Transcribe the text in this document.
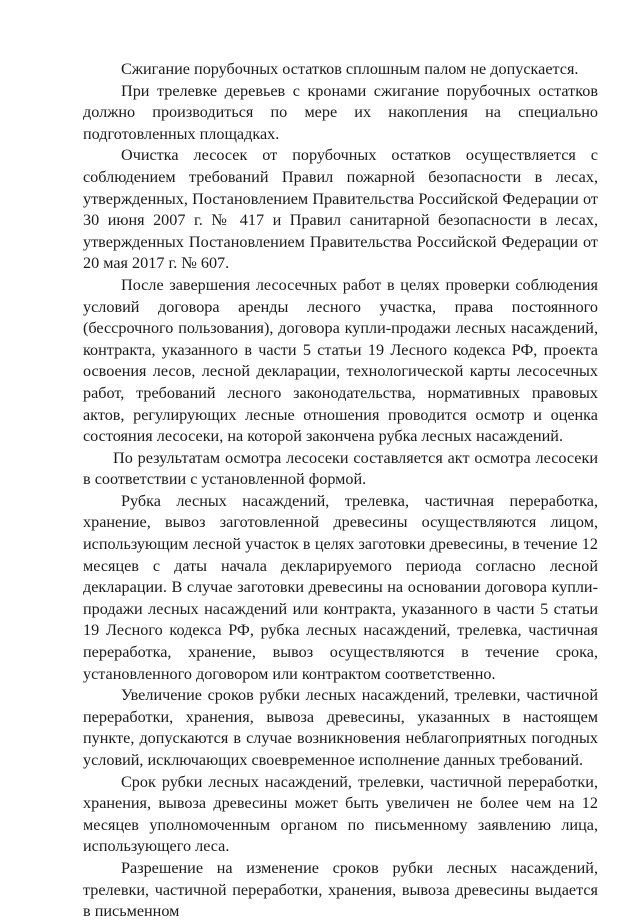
Сжигание порубочных остатков сплошным палом не допускается.

При трелевке деревьев с кронами сжигание порубочных остатков должно производиться по мере их накопления на специально подготовленных площадках.

Очистка лесосек от порубочных остатков осуществляется с соблюдением требований Правил пожарной безопасности в лесах, утвержденных, Постановлением Правительства Российской Федерации от 30 июня 2007 г. № 417 и Правил санитарной безопасности в лесах, утвержденных Постановлением Правительства Российской Федерации от 20 мая 2017 г. № 607.

После завершения лесосечных работ в целях проверки соблюдения условий договора аренды лесного участка, права постоянного (бессрочного пользования), договора купли-продажи лесных насаждений, контракта, указанного в части 5 статьи 19 Лесного кодекса РФ, проекта освоения лесов, лесной декларации, технологической карты лесосечных работ, требований лесного законодательства, нормативных правовых актов, регулирующих лесные отношения проводится осмотр и оценка состояния лесосеки, на которой закончена рубка лесных насаждений.

По результатам осмотра лесосеки составляется акт осмотра лесосеки в соответствии с установленной формой.

Рубка лесных насаждений, трелевка, частичная переработка, хранение, вывоз заготовленной древесины осуществляются лицом, использующим лесной участок в целях заготовки древесины, в течение 12 месяцев с даты начала декларируемого периода согласно лесной декларации. В случае заготовки древесины на основании договора купли-продажи лесных насаждений или контракта, указанного в части 5 статьи 19 Лесного кодекса РФ, рубка лесных насаждений, трелевка, частичная переработка, хранение, вывоз осуществляются в течение срока, установленного договором или контрактом соответственно.

Увеличение сроков рубки лесных насаждений, трелевки, частичной переработки, хранения, вывоза древесины, указанных в настоящем пункте, допускаются в случае возникновения неблагоприятных погодных условий, исключающих своевременное исполнение данных требований.

Срок рубки лесных насаждений, трелевки, частичной переработки, хранения, вывоза древесины может быть увеличен не более чем на 12 месяцев уполномоченным органом по письменному заявлению лица, использующего леса.

Разрешение на изменение сроков рубки лесных насаждений, трелевки, частичной переработки, хранения, вывоза древесины выдается в письменном
